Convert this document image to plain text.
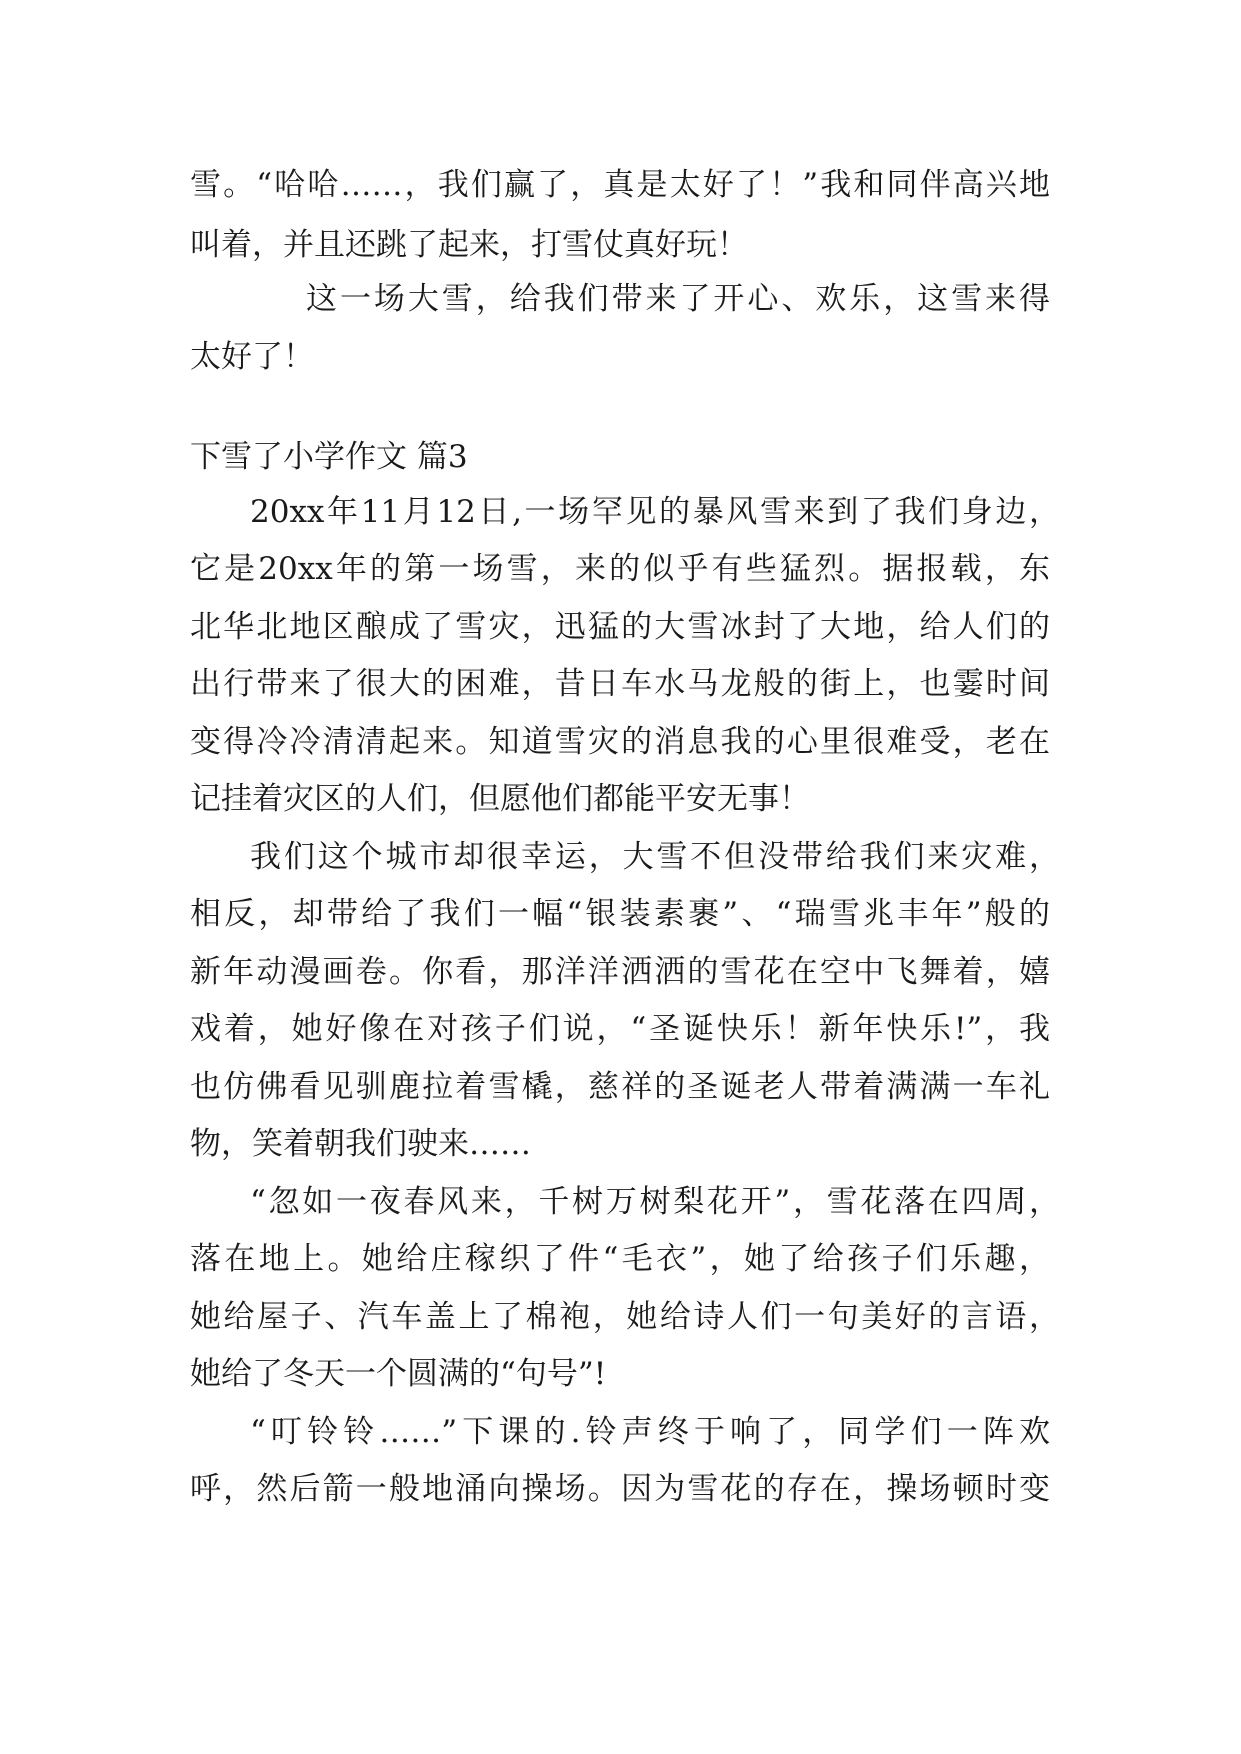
雪。“哈哈……，我们赢了，真是太好了！”我和同伴高兴地
叫着，并且还跳了起来，打雪仗真好玩！
这一场大雪，给我们带来了开心、欢乐，这雪来得
太好了！
下雪了小学作文 篇3
20xx年11月12日,一场罕见的暴风雪来到了我们身边，
它是20xx年的第一场雪，来的似乎有些猛烈。据报载，东
北华北地区酿成了雪灾，迅猛的大雪冰封了大地，给人们的
出行带来了很大的困难，昔日车水马龙般的街上，也霎时间
变得冷冷清清起来。知道雪灾的消息我的心里很难受，老在
记挂着灾区的人们，但愿他们都能平安无事！
我们这个城市却很幸运，大雪不但没带给我们来灾难，
相反，却带给了我们一幅“银装素裹”、“瑞雪兆丰年”般的
新年动漫画卷。你看，那洋洋洒洒的雪花在空中飞舞着，嬉
戏着，她好像在对孩子们说，“圣诞快乐！新年快乐!”，我
也仿佛看见驯鹿拉着雪橇，慈祥的圣诞老人带着满满一车礼
物，笑着朝我们驶来……
“忽如一夜春风来，千树万树梨花开”，雪花落在四周，
落在地上。她给庄稼织了件“毛衣”，她了给孩子们乐趣，
她给屋子、汽车盖上了棉袍，她给诗人们一句美好的言语，
她给了冬天一个圆满的“句号”!
“叮铃铃……”下课的.铃声终于响了，同学们一阵欢
呼，然后箭一般地涌向操场。因为雪花的存在，操场顿时变
